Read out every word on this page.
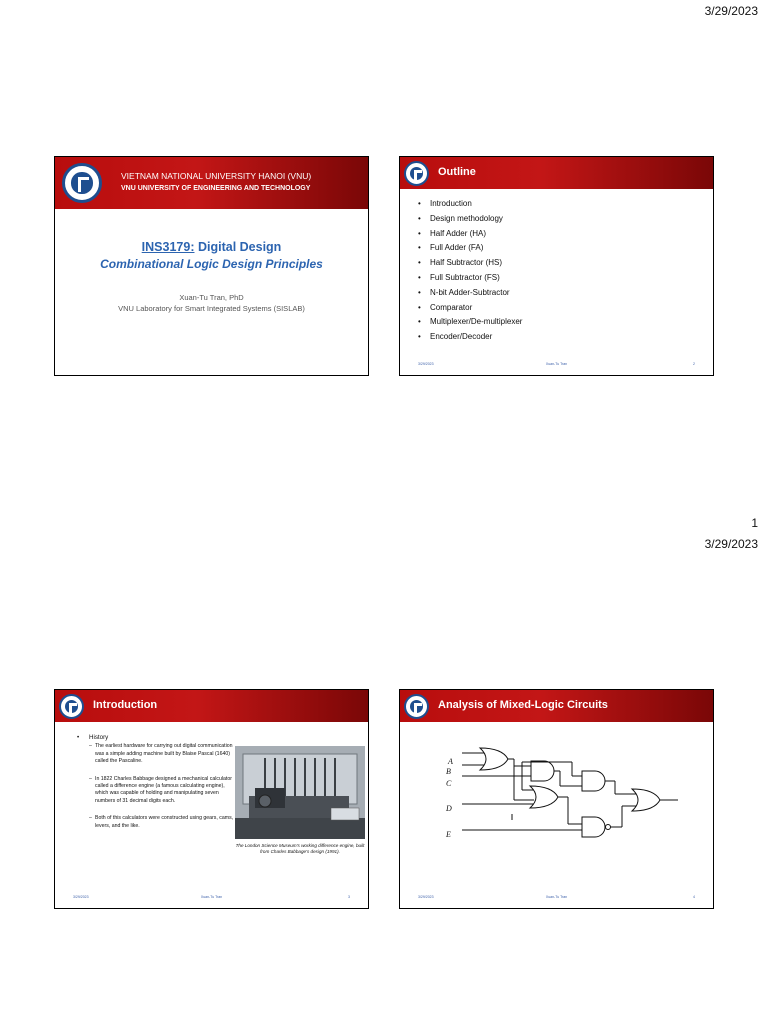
3/29/2023
1
3/29/2023
VIETNAM NATIONAL UNIVERSITY HANOI (VNU)
VNU UNIVERSITY OF ENGINEERING AND TECHNOLOGY
INS3179: Digital Design
Combinational Logic Design Principles
Xuan-Tu Tran, PhD
VNU Laboratory for Smart Integrated Systems (SISLAB)
Outline
• Introduction
• Design methodology
• Half Adder (HA)
• Full Adder (FA)
• Half Subtractor (HS)
• Full Subtractor (FS)
• N-bit Adder-Subtractor
• Comparator
• Multiplexer/De-multiplexer
• Encoder/Decoder
3/29/2023	Xuan-Tu Tran	2
Introduction
• History
– The earliest hardware for carrying out digital communication was a simple adding machine built by Blaise Pascal (1640) called the Pascaline.
– In 1822 Charles Babbage designed a mechanical calculator called a difference engine (a famous calculating engine), which was capable of holding and manipulating seven numbers of 31 decimal digits each.
– Both of this calculators were constructed using gears, cams, levers, and the like.
The London Science Museum's working difference engine, built from Charles Babbage's design (1991).
3/29/2023	Xuan-Tu Tran	3
Analysis of Mixed-Logic Circuits
A
B
C
D
E
3/29/2023	Xuan-Tu Tran	4
